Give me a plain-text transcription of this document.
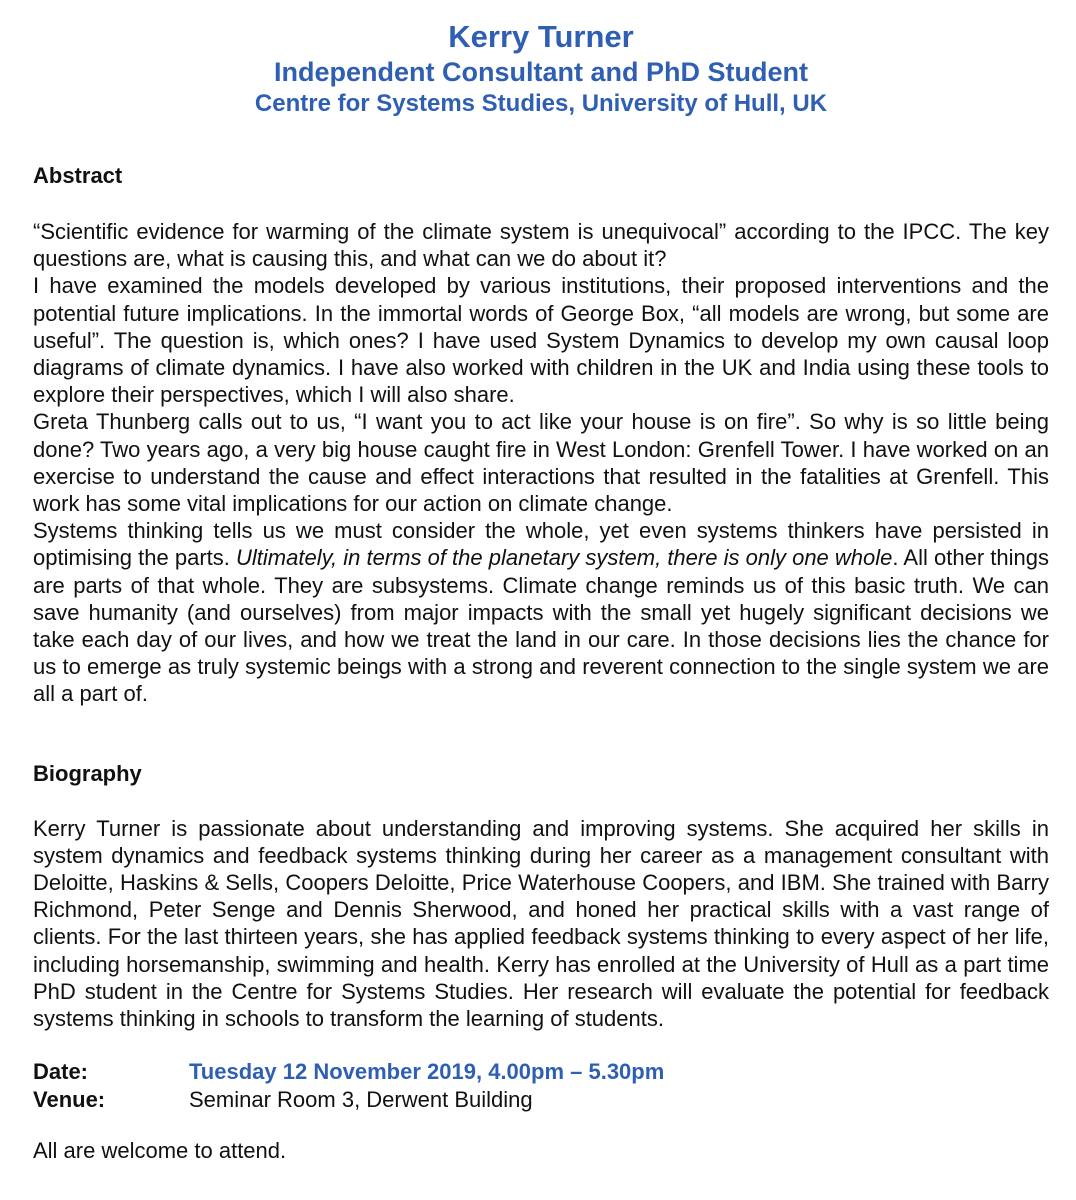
Kerry Turner
Independent Consultant and PhD Student
Centre for Systems Studies, University of Hull, UK
Abstract

“Scientific evidence for warming of the climate system is unequivocal” according to the IPCC. The key questions are, what is causing this, and what can we do about it?

I have examined the models developed by various institutions, their proposed interventions and the potential future implications. In the immortal words of George Box, “all models are wrong, but some are useful”. The question is, which ones? I have used System Dynamics to develop my own causal loop diagrams of climate dynamics. I have also worked with children in the UK and India using these tools to explore their perspectives, which I will also share.

Greta Thunberg calls out to us, “I want you to act like your house is on fire”. So why is so little being done? Two years ago, a very big house caught fire in West London: Grenfell Tower. I have worked on an exercise to understand the cause and effect interactions that resulted in the fatalities at Grenfell. This work has some vital implications for our action on climate change.

Systems thinking tells us we must consider the whole, yet even systems thinkers have persisted in optimising the parts. Ultimately, in terms of the planetary system, there is only one whole. All other things are parts of that whole. They are subsystems. Climate change reminds us of this basic truth. We can save humanity (and ourselves) from major impacts with the small yet hugely significant decisions we take each day of our lives, and how we treat the land in our care. In those decisions lies the chance for us to emerge as truly systemic beings with a strong and reverent connection to the single system we are all a part of.

Biography

Kerry Turner is passionate about understanding and improving systems. She acquired her skills in system dynamics and feedback systems thinking during her career as a management consultant with Deloitte, Haskins & Sells, Coopers Deloitte, Price Waterhouse Coopers, and IBM. She trained with Barry Richmond, Peter Senge and Dennis Sherwood, and honed her practical skills with a vast range of clients. For the last thirteen years, she has applied feedback systems thinking to every aspect of her life, including horsemanship, swimming and health. Kerry has enrolled at the University of Hull as a part time PhD student in the Centre for Systems Studies. Her research will evaluate the potential for feedback systems thinking in schools to transform the learning of students.

Date:	Tuesday 12 November 2019, 4.00pm – 5.30pm
Venue:	Seminar Room 3, Derwent Building
All are welcome to attend.
